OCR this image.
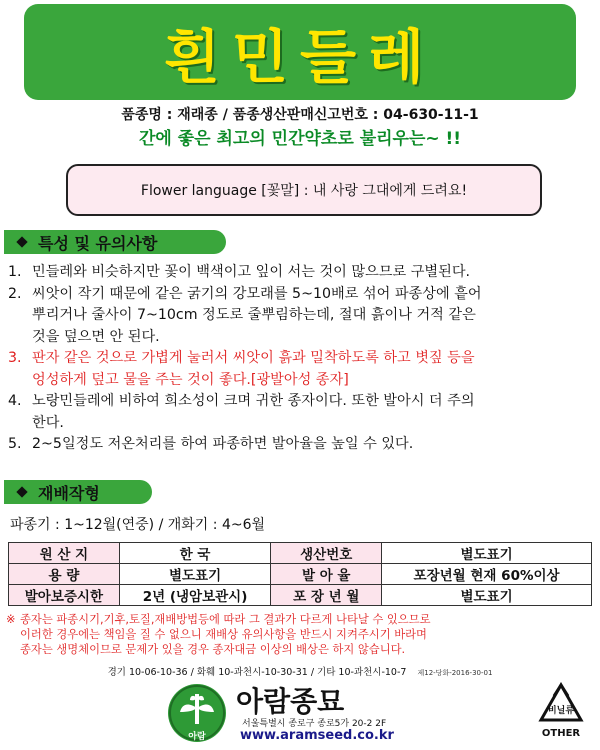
흰민들레
품종명 : 재래종 / 품종생산판매신고번호 : 04-630-11-1
간에 좋은 최고의 민간약초로 불리우는~ !!
Flower language [꽃말] : 내 사랑 그대에게 드려요!
특성 및 유의사항
1. 민들레와 비슷하지만 꽃이 백색이고 잎이 서는 것이 많으므로 구별된다.
2. 씨앗이 작기 때문에 같은 굵기의 강모래를 5~10배로 섞어 파종상에 흩어
뿌리거나 줄사이 7~10cm 정도로 줄뿌림하는데, 절대 흙이나 거적 같은
것을 덮으면 안 된다.
3. 판자 같은 것으로 가볍게 눌러서 씨앗이 흙과 밀착하도록 하고 볏짚 등을
엉성하게 덮고 물을 주는 것이 좋다.[광발아성 종자]
4. 노랑민들레에 비하여 희소성이 크며 귀한 종자이다. 또한 발아시 더 주의
한다.
5. 2~5일정도 저온처리를 하여 파종하면 발아율을 높일 수 있다.
재배작형
파종기 : 1~12월(연중) / 개화기 : 4~6월
원 산 지	한 국	생산번호	별도표기
용 량	별도표기	발 아 율	포장년월 현재 60%이상
발아보증시한	2년 (냉암보관시)	포 장 년 월	별도표기
※ 종자는 파종시기,기후,토질,재배방법등에 따라 그 결과가 다르게 나타날 수 있으므로
이러한 경우에는 책임을 질 수 없으니 재배상 유의사항을 반드시 지켜주시기 바라며
종자는 생명체이므로 문제가 있을 경우 종자대금 이상의 배상은 하지 않습니다.
경기 10-06-10-36 / 화훼 10-과천시-10-30-31 / 기타 10-과천시-10-7 제12-당화-2016-30-01
아람
아람종묘
서울특별시 종로구 종로5가 20-2 2F
www.aramseed.co.kr
비닐류
OTHER
